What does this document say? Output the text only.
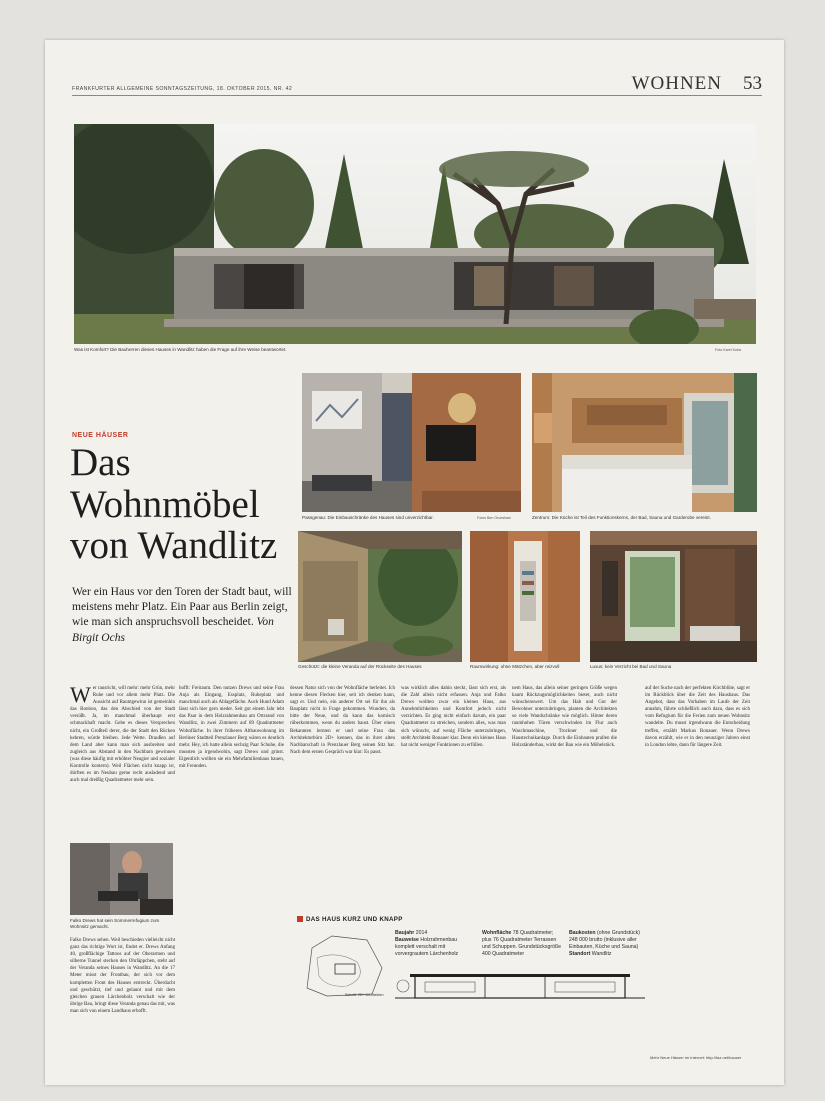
FRANKFURTER ALLGEMEINE SONNTAGSZEITUNG, 18. OKTOBER 2015, NR. 42	WOHNEN 53
Was ist Komfort? Die Bauherren dieses Hauses in Wandlitz haben die Frage auf ihre Weise beantwortet.	Foto Karel Kuba
Passgenau: Die Einbauschränke des Hauses sind unverzichtbar.	Fotos Ben Grueshaw	Zentrum: Die Küche ist Teil des Funktionskerns, der Bad, Sauna und Garderobe vereint.
Geschützt: die kleine Veranda auf der Rückseite des Hauses	Raumwirkung: ohne Mätzchen, aber reizvoll	Luxus: kein Verzicht bei Bad und Sauna
NEUE HÄUSER
Das
Wohnmöbel
von Wandlitz
Wer ein Haus vor den Toren der Stadt baut, will meistens mehr Platz. Ein Paar aus Berlin zeigt, wie man sich anspruchsvoll bescheidet. Von Birgit Ochs
W er rausricht, will mehr: mehr Grün, mehr Ruhe und vor allem mehr Platz. Die Aussicht auf Raumgewinn ist gemeinhin das Bonbon, das den Abschied von der Stadt versüßt. Ja, im manchmal überhaupt erst schmackhaft macht. Gebe es dieses Versprechen nicht, ein Großteil derer, die der Stadt den Rücken kehren, würde bleiben. Jede Wette. Draußen auf dem Land aber kann man sich ausbreiten und zugleich aus Abstand in den Nachbarn gewinnen (was diese häufig mit erhöhter Neugier und sozialer Kontrolle kontern). Weil Flächen nicht knapp ist, dürften es im Neubau gerne recht ausladend und auch mal dreißig Quadratmeter mehr sein.
Falko Drews hat sein Sommerrefugium zum Wohnsitz gemacht.
Falko Drews sehen. Weil beschieden vielleicht nicht ganz das richtige Wort ist, findet er. Drews Anfang 40, großflächige Tattoos auf der Oberarmen und silberne Tunnel stecken den Ohrläppchen, steht auf der Veranda seines Hauses in Wandlitz. An die 17 Meter misst der Frontbau, der sich vor dem kompletten Front des Hauses erstreckt. Überdacht und geschützt, tief und gelaunt und mit dem gleichen grauen Lärchenholz verschalt wie der übrige Bau, bringt diese Veranda genau das mit, was man sich von einem Landhaus erhofft.
hofft: Freiraum. Den nutzen Drews und seine Frau Anja als Eingang, Essplatz, Ruheplatz und manchmal auch als Ablagefläche. Auch Hund Adam lässt sich hier gern nieder. Seit gut einem Jahr lebt das Paar in dem Holzrahmenbau am Ortsrand von Wandlitz, in zwei Zimmern auf 89 Quadratmeter Wohnfläche. In ihrer früheren Altbauwohnung im Berliner Stadtteil Prenzlauer Berg wären es deutlich mehr. Hey, ich hatte allein sechzig Paar Schuhe, die mussten ja irgendwohin, sagt Drews und grinst. Eigentlich wollten sie ein Mehrfamilienhaus bauen, mit Freunden.
dessen Natur sich von der Wohnfläche herleitet. Ich kenne diesen Flecken hier, seit ich denken kann, sagt er. Und nein, ein anderer Ort sei für ihn als Bauplatz nicht in Frage gekommen. Wunders, da bitte der Neue, und da kann das komisch rüberkommen, wenn du anders baust. Über einen Bekannten lernten er und seine Frau das Architekturbüro 2D+ kennen, das in ihrer alten Nachbarschaft in Prenzlauer Berg seinen Sitz hat. Nach dem ersten Gespräch war klar: Es passt.
was wirklich alles dahin steckt, lässt sich erst, als die Zahl allein nicht erfassen. Anja und Falko Drews wollten zwar ein kleines Haus, aus Annehmlichkeiten und Komfort jedoch nicht verzichten. Es ging nicht einfach darum, ein paar Quadratmeter zu streichen, sondern alles, was man sich wünscht, auf wenig Fläche unterzubringen, stellt Architekt Bonauer klar. Denn ein kleines Haus hat nicht weniger Funktionen zu erfüllen.
nem Haus, das allein seiner geringen Größe wegen kaum Rückzugsmöglichkeiten bietet, auch nicht wünschenswert. Um das Hab und Gut der Bewohner unterzubringen, planten die Architekten so viele Wandschränke wie möglich. Hinter deren raumhohen Türen verschwinden im Flur auch Waschmaschine, Trockner und die Haustechnikanlage. Durch die Einbauten prallen die Holzständerbau, wirkt der Bau wie ein Möbelstück.
auf der Suche nach der perfekten Kirchblüte, sagt er im Rückblick über die Zeit des Hausbaus. Das Angebot, dass das Vorhaben im Laufe der Zeit annahm, führte schließlich auch dazu, dass es sich vom Refugium für die Ferien zum neuen Wohnsitz wandelte. Du musst irgendwann die Entscheidung treffen, erzählt Markus Bonauer. Wenn Drews davon erzählt, wie er in den neunziger Jahren einst in London lebte, dann für längere Zeit.
DAS HAUS KURZ UND KNAPP
Schnitt: 2D+ Architekten
Baujahr 2014
Bauweise Holzrahmenbau komplett verschalt mit vorvergrautem Lärchenholz
Wohnfläche 78 Quadratmeter; plus 76 Quadratmeter Terrassen und Schuppen. Grundstücksgröße 400 Quadratmeter
Baukosten (ohne Grundstück) 248 000 brutto (inklusive aller Einbauten, Küche und Sauna) Standort Wandlitz
Mehr Neue Häuser im Internet: http://faz.net/hauser
